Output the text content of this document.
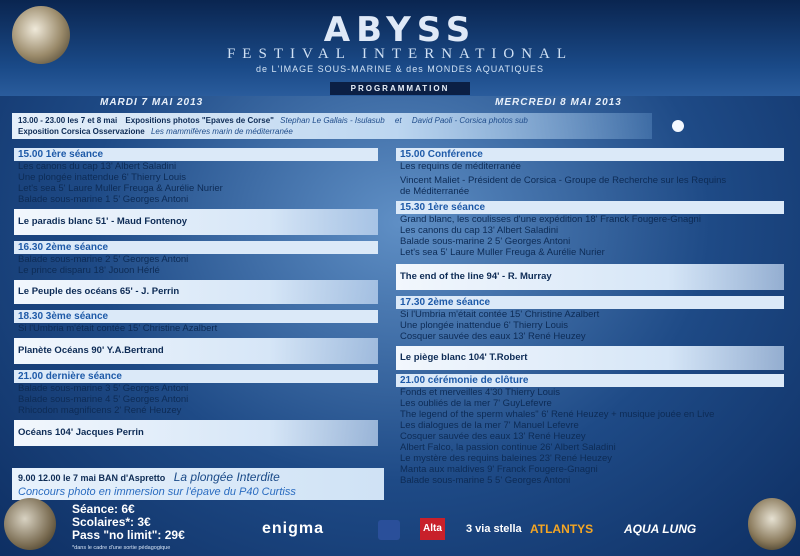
ABYSS
FESTIVAL INTERNATIONAL
de L'IMAGE SOUS-MARINE & des MONDES AQUATIQUES
PROGRAMMATION
MARDI 7 MAI 2013	MERCREDI 8 MAI 2013
13.00 - 23.00 les 7 et 8 mai Expositions photos "Epaves de Corse" Stephan Le Gallais - Isulasub et David Paoli - Corsica photos sub
Exposition Corsica Osservazione Les mammifères marin de méditerranée
15.00 1ère séance
Les canons du cap 13' Albert Saladini
Une plongée inattendue 6' Thierry Louis
Let's sea 5' Laure Muller Freuga & Aurélie Nurier
Balade sous-marine 1 5' Georges Antoni
Le paradis blanc 51' - Maud Fontenoy
16.30 2ème séance
Balade sous-marine 2 5' Georges Antoni
Le prince disparu 18' Jouon Hérlé
Le Peuple des océans 65' - J. Perrin
18.30 3ème séance
Si l'Umbria m'était contée 15' Christine Azalbert
Planète Océans 90' Y.A.Bertrand
21.00 dernière séance
Balade sous-marine 3 5' Georges Antoni
Balade sous-marine 4 5' Georges Antoni
Rhicodon magnificens 2' René Heuzey
Océans 104' Jacques Perrin
15.00 Conférence
Les requins de méditerranée
Vincent Maliet - Président de Corsica - Groupe de Recherche sur les Requins
de Méditerranée
15.30 1ère séance
Grand blanc, les coulisses d'une expédition 18' Franck Fougere-Gnagni
Les canons du cap 13' Albert Saladini
Balade sous-marine 2 5' Georges Antoni
Let's sea 5' Laure Muller Freuga & Aurélie Nurier
The end of the line 94' - R. Murray
17.30 2ème séance
Si l'Umbria m'était contée 15' Christine Azalbert
Une plongée inattendue 6' Thierry Louis
Cosquer sauvée des eaux 13' René Heuzey
Le piège blanc 104' T.Robert
21.00 cérémonie de clôture
Fonds et merveilles 4'30 Thierry Louis
Les oubliés de la mer 7' GuyLefevre
The legend of the sperm whales" 6' René Heuzey + musique jouée en Live
Les dialogues de la mer 7' Manuel Lefevre
Cosquer sauvée des eaux 13' René Heuzey
Albert Falco, la passion continue 26' Albert Saladini
Le mystère des requins baleines 23' René Heuzey
Manta aux maldives 9' Franck Fougere-Gnagni
Balade sous-marine 5 5' Georges Antoni
9.00 12.00 le 7 mai BAN d'Aspretto La plongée Interdite
Concours photo en immersion sur l'épave du P40 Curtiss
Séance: 6€
Scolaires*: 3€
Pass "no limit": 29€
*dans le cadre d'une sortie pédagogique
enigma	Alta 3 via stella ATLANTYS	AQUA LUNG
